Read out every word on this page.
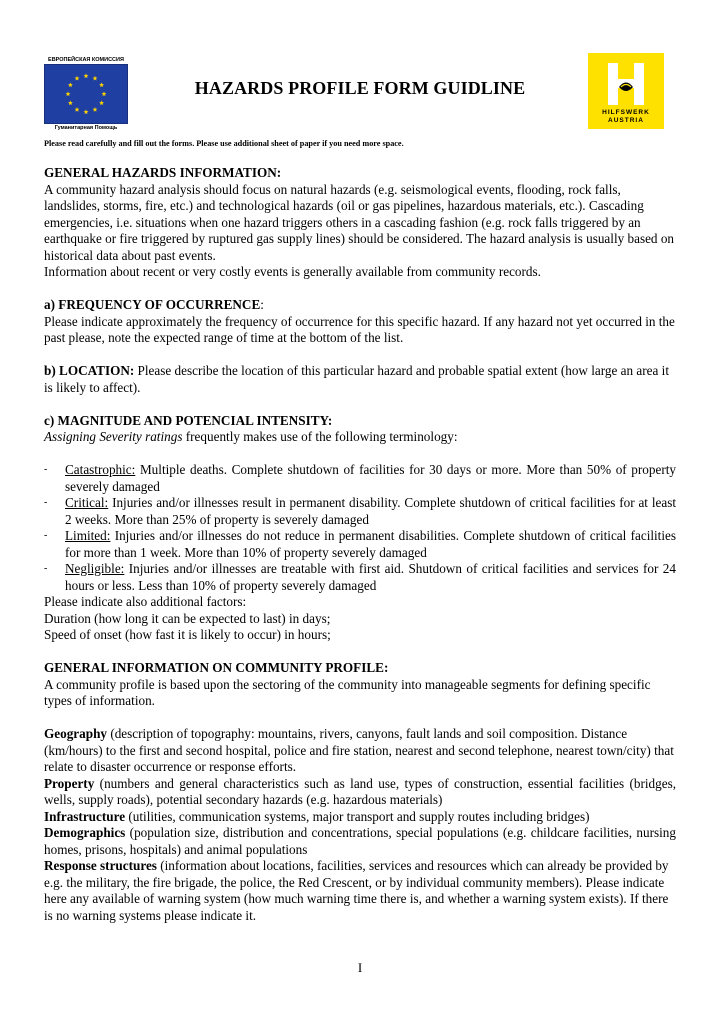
ЕВРОПЕЙСКАЯ КОМИССИЯ
Гуманитарная Помощь
HAZARDS PROFILE FORM GUIDLINE
HILFSWERK
AUSTRIA
Please read carefully and fill out the forms. Please use additional sheet of paper if you need more space.

GENERAL HAZARDS INFORMATION:

A community hazard analysis should focus on natural hazards (e.g. seismological events, flooding, rock falls, landslides, storms, fire, etc.) and technological hazards (oil or gas pipelines, hazardous materials, etc.). Cascading emergencies, i.e. situations when one hazard triggers others in a cascading fashion (e.g. rock falls triggered by an earthquake or fire triggered by ruptured gas supply lines) should be considered. The hazard analysis is usually based on historical data about past events.

Information about recent or very costly events is generally available from community records.

a) FREQUENCY OF OCCURRENCE:

Please indicate approximately the frequency of occurrence for this specific hazard. If any hazard not yet occurred in the past please, note the expected range of time at the bottom of the list.

b) LOCATION: Please describe the location of this particular hazard and probable spatial extent (how large an area it is likely to affect).

c) MAGNITUDE AND POTENCIAL INTENSITY:

Assigning Severity ratings frequently makes use of the following terminology:

- Catastrophic: Multiple deaths. Complete shutdown of facilities for 30 days or more. More than 50% of property severely damaged
- Critical: Injuries and/or illnesses result in permanent disability. Complete shutdown of critical facilities for at least 2 weeks. More than 25% of property is severely damaged
- Limited: Injuries and/or illnesses do not reduce in permanent disabilities. Complete shutdown of critical facilities for more than 1 week. More than 10% of property severely damaged
- Negligible: Injuries and/or illnesses are treatable with first aid. Shutdown of critical facilities and services for 24 hours or less. Less than 10% of property severely damaged

Please indicate also additional factors:

Duration (how long it can be expected to last) in days;

Speed of onset (how fast it is likely to occur) in hours;

GENERAL INFORMATION ON COMMUNITY PROFILE:

A community profile is based upon the sectoring of the community into manageable segments for defining specific types of information.

Geography (description of topography: mountains, rivers, canyons, fault lands and soil composition. Distance (km/hours) to the first and second hospital, police and fire station, nearest and second telephone, nearest town/city) that relate to disaster occurrence or response efforts.

Property (numbers and general characteristics such as land use, types of construction, essential facilities (bridges, wells, supply roads), potential secondary hazards (e.g. hazardous materials)

Infrastructure (utilities, communication systems, major transport and supply routes including bridges)

Demographics (population size, distribution and concentrations, special populations (e.g. childcare facilities, nursing homes, prisons, hospitals) and animal populations

Response structures (information about locations, facilities, services and resources which can already be provided by e.g. the military, the fire brigade, the police, the Red Crescent, or by individual community members). Please indicate here any available of warning system (how much warning time there is, and whether a warning system exists). If there is no warning systems please indicate it.

I
